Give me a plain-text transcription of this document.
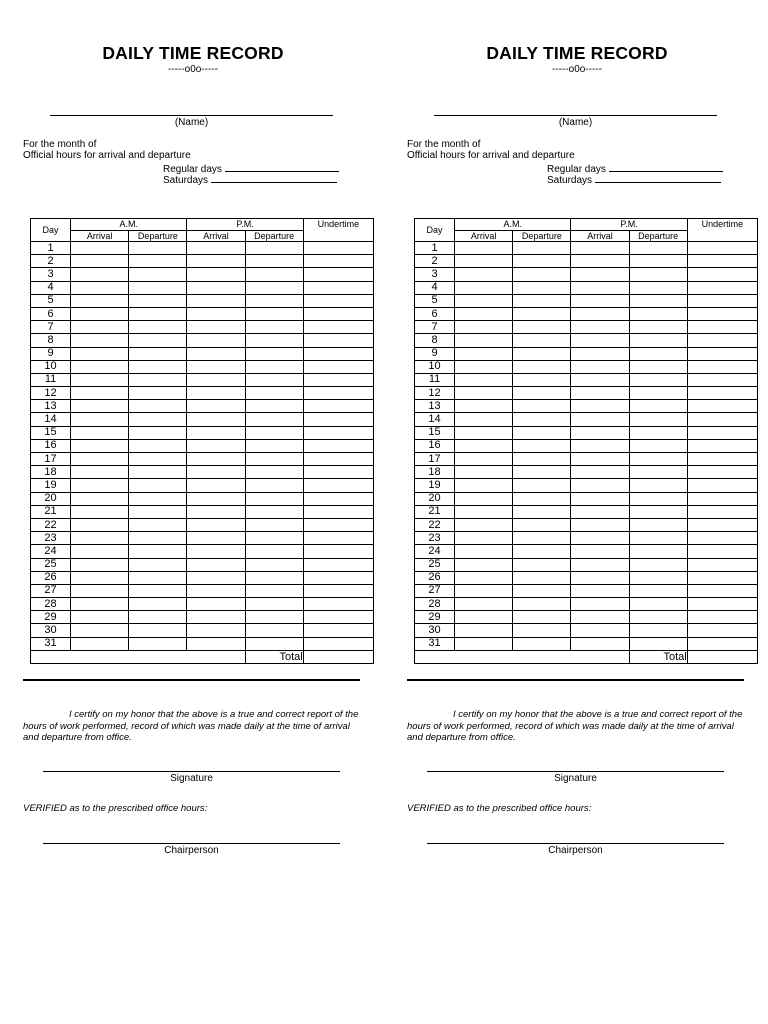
DAILY TIME RECORD
-----o0o-----
(Name)
For the month of
Official hours for arrival and departure
Regular days
Saturdays
Day	A.M.		P.M.		Undertime
	Arrival	Departure	Arrival	Departure	
1					
2					
3					
4					
5					
6					
7					
8					
9					
10					
11					
12					
13					
14					
15					
16					
17					
18					
19					
20					
21					
22					
23					
24					
25					
26					
27					
28					
29					
30					
31					
				Total	
I certify on my honor that the above is a true and correct report of the hours of work performed, record of which was made daily at the time of arrival and departure from office.
Signature
VERIFIED as to the prescribed office hours:
Chairperson
DAILY TIME RECORD
-----o0o-----
(Name)
For the month of
Official hours for arrival and departure
Regular days
Saturdays
Day	A.M.		P.M.		Undertime
	Arrival	Departure	Arrival	Departure	
1					
2					
3					
4					
5					
6					
7					
8					
9					
10					
11					
12					
13					
14					
15					
16					
17					
18					
19					
20					
21					
22					
23					
24					
25					
26					
27					
28					
29					
30					
31					
				Total	
I certify on my honor that the above is a true and correct report of the hours of work performed, record of which was made daily at the time of arrival and departure from office.
Signature
VERIFIED as to the prescribed office hours:
Chairperson
